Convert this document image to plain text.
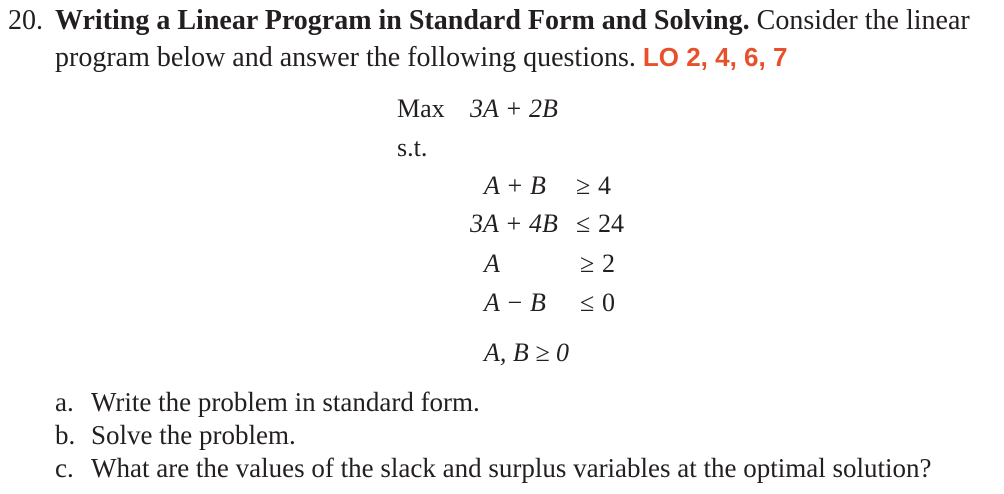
20. Writing a Linear Program in Standard Form and Solving. Consider the linear
program below and answer the following questions. LO 2, 4, 6, 7
Max 3A + 2B
s.t.
A + B ≥ 4
3A + 4B ≤ 24
A	≥ 2
A − B ≤ 0
A, B ≥ 0
a. Write the problem in standard form.
b. Solve the problem.
c. What are the values of the slack and surplus variables at the optimal solution?
